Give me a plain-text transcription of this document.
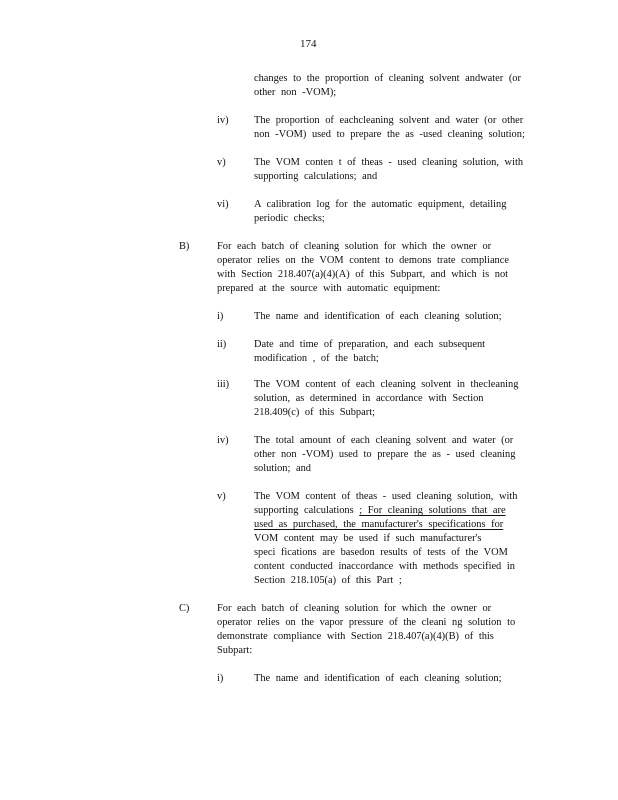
174
changes to the proportion of cleaning solvent andwater (or
other non -VOM);
iv) The proportion of eachcleaning solvent and water (or other
non -VOM) used to prepare the as -used cleaning solution;
v)	The VOM conten t of theas - used cleaning solution, with
supporting calculations; and
vi) A calibration log for the automatic equipment, detailing
periodic checks;
B)	For each batch of cleaning solution for which the owner or
operator relies on the VOM content to demons trate compliance
with Section 218.407(a)(4)(A) of this Subpart, and which is not
prepared at the source with automatic equipment:
i)	The name and identification of each cleaning solution;
ii)	Date and time of preparation, and each subsequent
modification , of the batch;
iii) The VOM content of each cleaning solvent in thecleaning
solution, as determined in accordance with Section
218.409(c) of this Subpart;
iv) The total amount of each cleaning solvent and water (or
other non -VOM) used to prepare the as - used cleaning
solution; and
v)	The VOM content of theas - used cleaning solution, with
supporting calculations ; For cleaning solutions that are
used as purchased, the manufacturer's specifications for
VOM content may be used if such manufacturer's
speci fications are basedon results of tests of the VOM
content conducted inaccordance with methods specified in
Section 218.105(a) of this Part ;
C)	For each batch of cleaning solution for which the owner or
operator relies on the vapor pressure of the cleani ng solution to
demonstrate compliance with Section 218.407(a)(4)(B) of this
Subpart:
i)	The name and identification of each cleaning solution;
